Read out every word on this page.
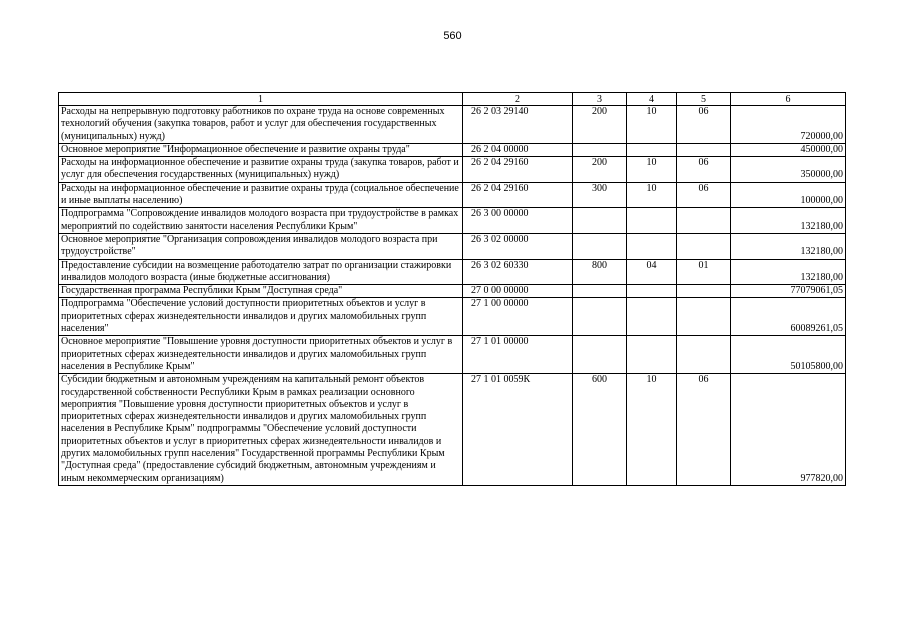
560
1	2	3	4	5	6
Расходы на непрерывную подготовку работников по охране труда на основе современных технологий обучения (закупка товаров, работ и услуг для обеспечения государственных (муниципальных) нужд)	26 2 03 29140	200	10	06	720000,00
Основное мероприятие "Информационное обеспечение и развитие охраны труда"	26 2 04 00000				450000,00
Расходы на информационное обеспечение и развитие охраны труда (закупка товаров, работ и услуг для обеспечения государственных (муниципальных) нужд)	26 2 04 29160	200	10	06	350000,00
Расходы на информационное обеспечение и развитие охраны труда (социальное обеспечение и иные выплаты населению)	26 2 04 29160	300	10	06	100000,00
Подпрограмма "Сопровождение инвалидов молодого возраста при трудоустройстве в рамках мероприятий по содействию занятости населения Республики Крым"	26 3 00 00000				132180,00
Основное мероприятие "Организация сопровождения инвалидов молодого возраста при трудоустройстве"	26 3 02 00000				132180,00
Предоставление субсидии на возмещение работодателю затрат по организации стажировки инвалидов молодого возраста (иные бюджетные ассигнования)	26 3 02 60330	800	04	01	132180,00
Государственная программа Республики Крым "Доступная среда"	27 0 00 00000				77079061,05
Подпрограмма "Обеспечение условий доступности приоритетных объектов и услуг в приоритетных сферах жизнедеятельности инвалидов и других маломобильных групп населения"	27 1 00 00000				60089261,05
Основное мероприятие "Повышение уровня доступности приоритетных объектов и услуг в приоритетных сферах жизнедеятельности инвалидов и других маломобильных групп населения в Республике Крым"	27 1 01 00000				50105800,00
Субсидии бюджетным и автономным учреждениям на капитальный ремонт объектов государственной собственности Республики Крым в рамках реализации основного мероприятия "Повышение уровня доступности приоритетных объектов и услуг в приоритетных сферах жизнедеятельности инвалидов и других маломобильных групп населения в Республике Крым" подпрограммы "Обеспечение условий доступности приоритетных объектов и услуг в приоритетных сферах жизнедеятельности инвалидов и других маломобильных групп населения" Государственной программы Республики Крым "Доступная среда" (предоставление субсидий бюджетным, автономным учреждениям и иным некоммерческим организациям)	27 1 01 0059К	600	10	06	977820,00
